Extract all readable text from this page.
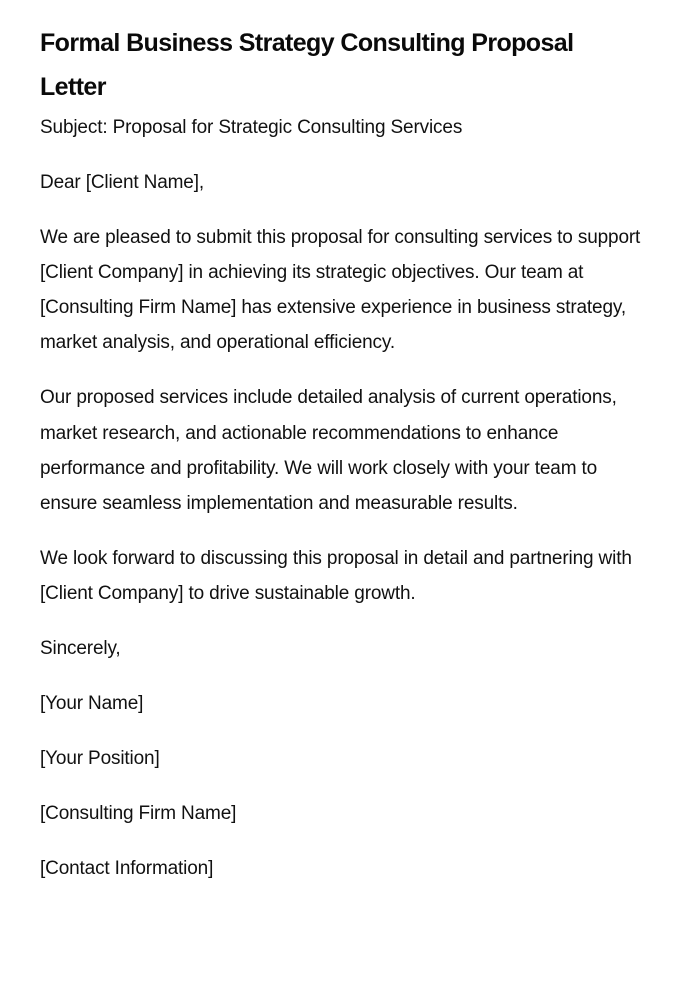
Formal Business Strategy Consulting Proposal Letter

Subject: Proposal for Strategic Consulting Services

Dear [Client Name],

We are pleased to submit this proposal for consulting services to support [Client Company] in achieving its strategic objectives. Our team at [Consulting Firm Name] has extensive experience in business strategy, market analysis, and operational efficiency.

Our proposed services include detailed analysis of current operations, market research, and actionable recommendations to enhance performance and profitability. We will work closely with your team to ensure seamless implementation and measurable results.

We look forward to discussing this proposal in detail and partnering with [Client Company] to drive sustainable growth.

Sincerely,

[Your Name]

[Your Position]

[Consulting Firm Name]

[Contact Information]
